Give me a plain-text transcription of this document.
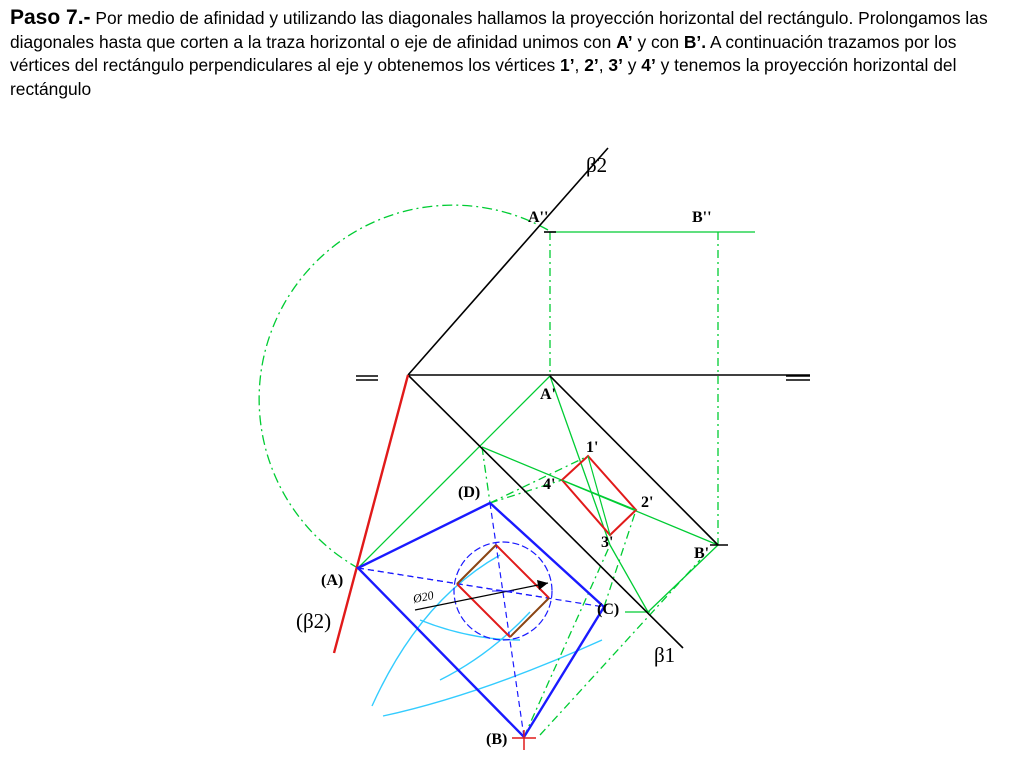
Paso 7.- Por medio de afinidad y utilizando las diagonales hallamos la proyección horizontal del rectángulo. Prolongamos las diagonales hasta que corten a la traza horizontal o eje de afinidad unimos con A’ y con B’. A continuación trazamos por los vértices del rectángulo perpendiculares al eje y obtenemos los vértices 1’, 2’, 3’ y 4’ y tenemos la proyección horizontal del rectángulo
β2
A''	B''
A'
B'
1'
2'
3'
4'
(D)
(A)
(C)
(B)
(β2)
β1
Ø20
